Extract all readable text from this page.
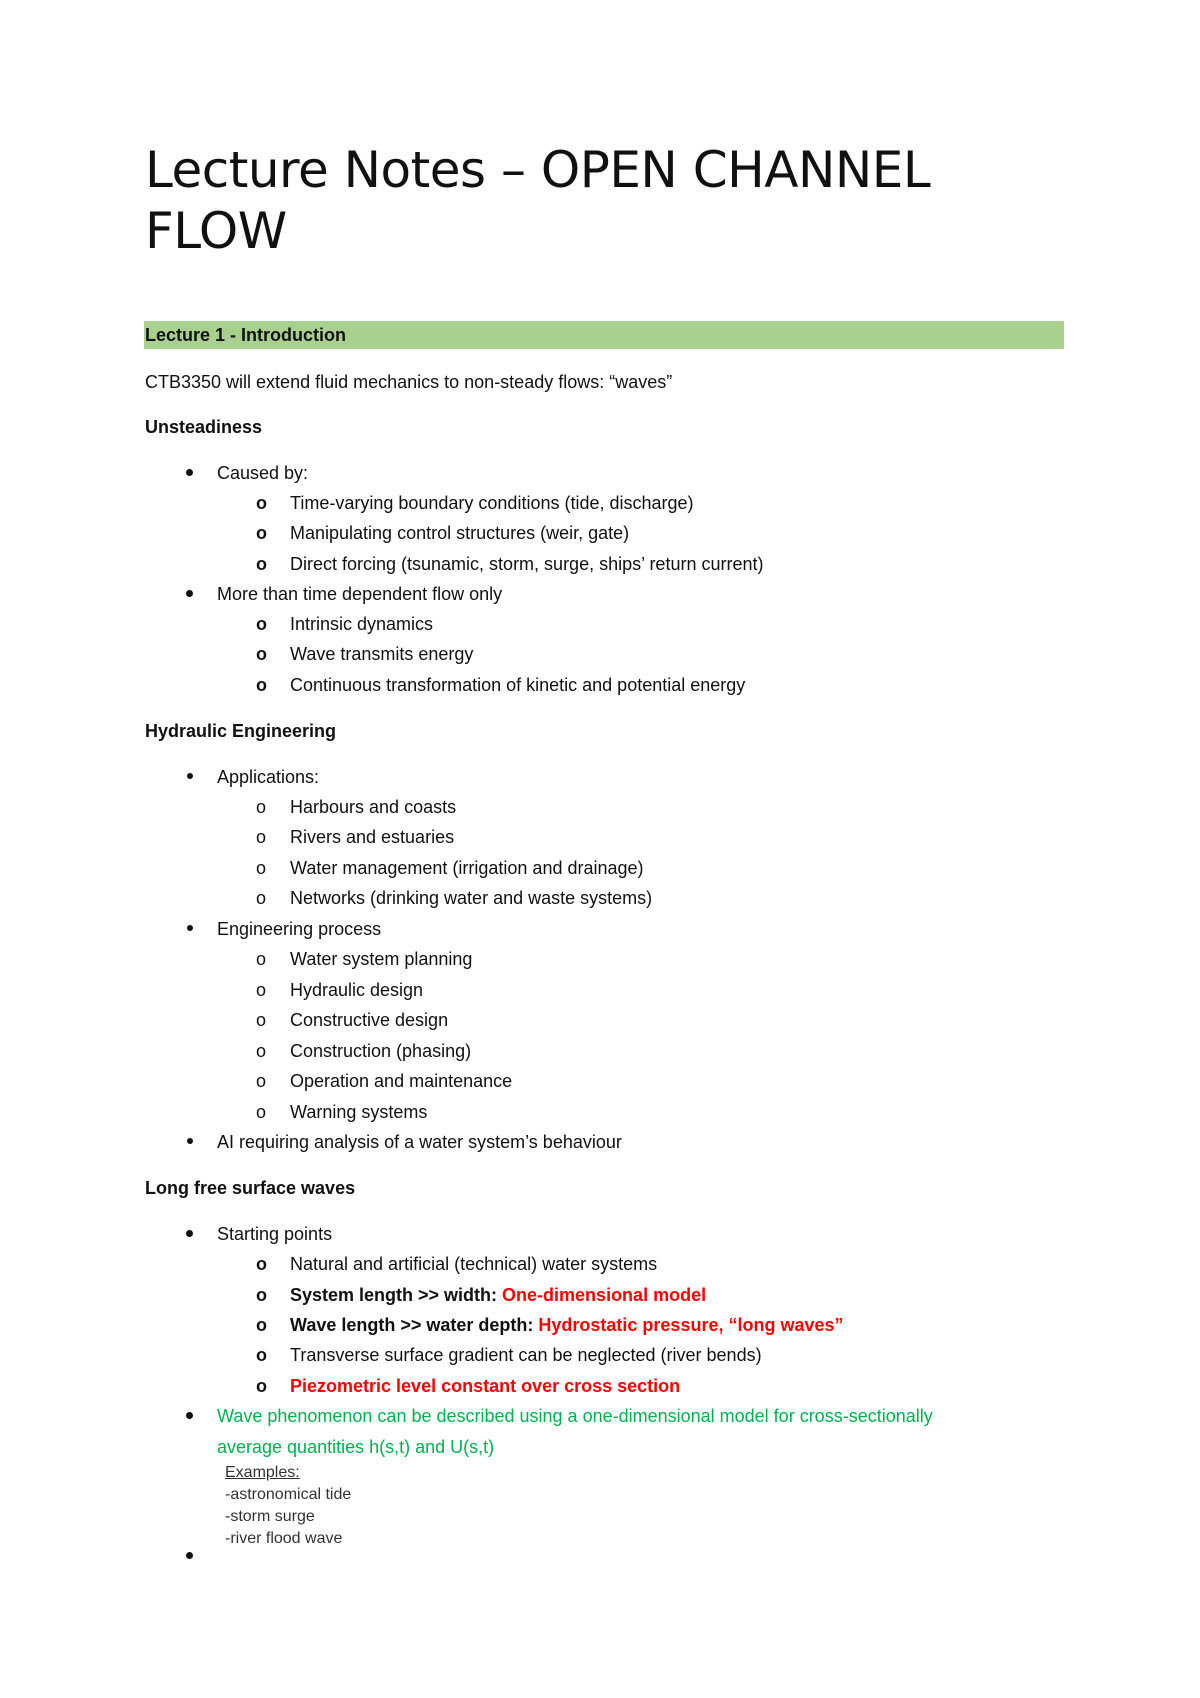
Lecture Notes – OPEN CHANNEL FLOW
Lecture 1 - Introduction
CTB3350 will extend fluid mechanics to non-steady flows: “waves”
Unsteadiness
Caused by:
o Time-varying boundary conditions (tide, discharge)
o Manipulating control structures (weir, gate)
o Direct forcing (tsunamic, storm, surge, ships’ return current)
More than time dependent flow only
o Intrinsic dynamics
o Wave transmits energy
o Continuous transformation of kinetic and potential energy
Hydraulic Engineering
Applications:
o Harbours and coasts
o Rivers and estuaries
o Water management (irrigation and drainage)
o Networks (drinking water and waste systems)
Engineering process
o Water system planning
o Hydraulic design
o Constructive design
o Construction (phasing)
o Operation and maintenance
o Warning systems
AI requiring analysis of a water system’s behaviour
Long free surface waves
Starting points
o Natural and artificial (technical) water systems
o System length >> width: One-dimensional model
o Wave length >> water depth: Hydrostatic pressure, “long waves”
o Transverse surface gradient can be neglected (river bends)
o Piezometric level constant over cross section
Wave phenomenon can be described using a one-dimensional model for cross-sectionally
average quantities h(s,t) and U(s,t)
Examples:
-astronomical tide
-storm surge
-river flood wave
